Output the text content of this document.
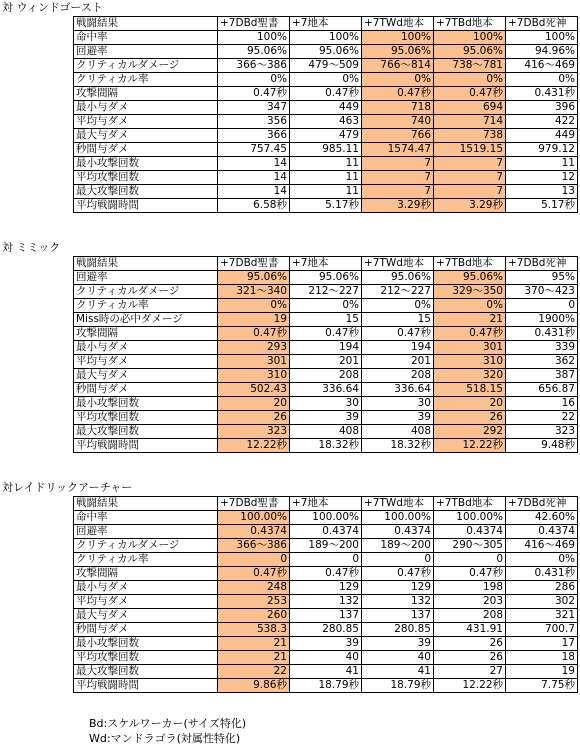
対 ウィンドゴースト
戦闘結果	+7DBd聖書	+7地本	+7TWd地本	+7TBd地本	+7DBd死神
命中率	100%	100%	100%	100%	100%
回避率	95.06%	95.06%	95.06%	95.06%	94.96%
クリティカルダメージ	366～386	479～509	766～814	738～781	416～469
クリティカル率	0%	0%	0%	0%	0%
攻撃間隔	0.47秒	0.47秒	0.47秒	0.47秒	0.431秒
最小与ダメ	347	449	718	694	396
平均与ダメ	356	463	740	714	422
最大与ダメ	366	479	766	738	449
秒間与ダメ	757.45	985.11	1574.47	1519.15	979.12
最小攻撃回数	14	11	7	7	11
平均攻撃回数	14	11	7	7	12
最大攻撃回数	14	11	7	7	13
平均戦闘時間	6.58秒	5.17秒	3.29秒	3.29秒	5.17秒
対 ミミック
戦闘結果	+7DBd聖書	+7地本	+7TWd地本	+7TBd地本	+7DBd死神
回避率	95.06%	95.06%	95.06%	95.06%	95%
クリティカルダメージ	321～340	212～227	212～227	329～350	370～423
クリティカル率	0%	0%	0%	0%	0
Miss時の必中ダメージ	19	15	15	21	1900%
攻撃間隔	0.47秒	0.47秒	0.47秒	0.47秒	0.431秒
最小与ダメ	293	194	194	301	339
平均与ダメ	301	201	201	310	362
最大与ダメ	310	208	208	320	387
秒間与ダメ	502.43	336.64	336.64	518.15	656.87
最小攻撃回数	20	30	30	20	16
平均攻撃回数	26	39	39	26	22
最大攻撃回数	323	408	408	292	323
平均戦闘時間	12.22秒	18.32秒	18.32秒	12.22秒	9.48秒
対レイドリックアーチャー
戦闘結果	+7DBd聖書	+7地本	+7TWd地本	+7TBd地本	+7DBd死神
命中率	100.00%	100.00%	100.00%	100.00%	42.60%
回避率	0.4374	0.4374	0.4374	0.4374	0.4374
クリティカルダメージ	366～386	189～200	189～200	290～305	416～469
クリティカル率	0	0	0	0	0%
攻撃間隔	0.47秒	0.47秒	0.47秒	0.47秒	0.431秒
最小与ダメ	248	129	129	198	286
平均与ダメ	253	132	132	203	302
最大与ダメ	260	137	137	208	321
秒間与ダメ	538.3	280.85	280.85	431.91	700.7
最小攻撃回数	21	39	39	26	17
平均攻撃回数	21	40	40	26	18
最大攻撃回数	22	41	41	27	19
平均戦闘時間	9.86秒	18.79秒	18.79秒	12.22秒	7.75秒
Bd:スケルワーカー(サイズ特化)
Wd:マンドラゴラ(対属性特化)
